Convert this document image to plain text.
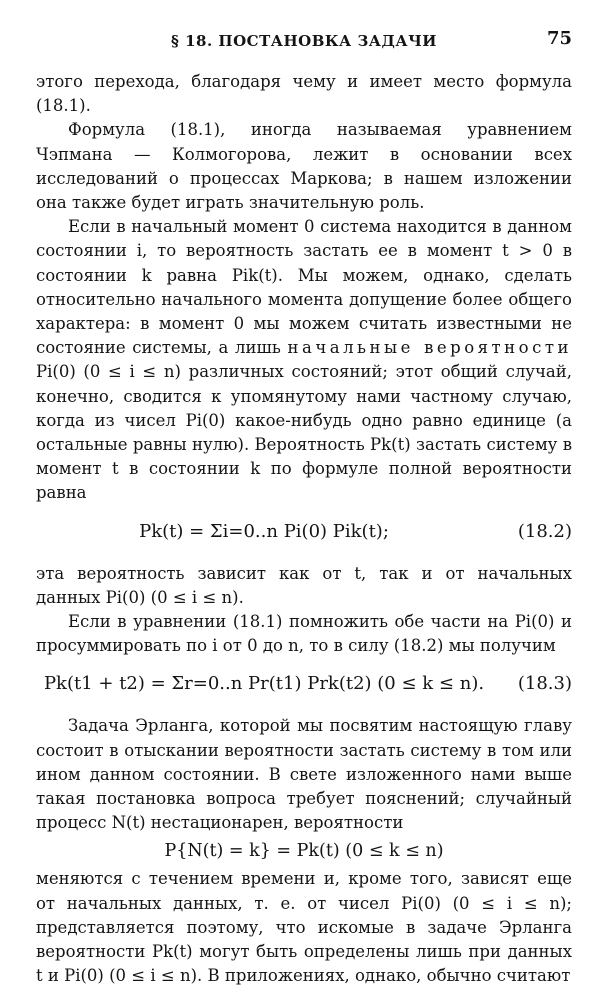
§ 18. ПОСТАНОВКА ЗАДАЧИ	75

этого перехода, благодаря чему и имеет место формула (18.1).

Формула (18.1), иногда называемая уравнением Чэпмана — Колмогорова, лежит в основании всех исследований о процессах Маркова; в нашем изложении она также будет играть значительную роль.

Если в начальный момент 0 система находится в данном состоянии i, то вероятность застать ее в момент t > 0 в состоянии k равна Pik(t). Мы можем, однако, сделать относительно начального момента допущение более общего характера: в момент 0 мы можем считать известными не состояние системы, а лишь начальные вероятности Pi(0) (0 ≤ i ≤ n) различных состояний; этот общий случай, конечно, сводится к упомянутому нами частному случаю, когда из чисел Pi(0) какое-нибудь одно равно единице (а остальные равны нулю). Вероятность Pk(t) застать систему в момент t в состоянии k по формуле полной вероятности равна

Pk(t) = Σi=0..n Pi(0) Pik(t);	(18.2)

эта вероятность зависит как от t, так и от начальных данных Pi(0) (0 ≤ i ≤ n).

Если в уравнении (18.1) помножить обе части на Pi(0) и просуммировать по i от 0 до n, то в силу (18.2) мы получим

Pk(t1 + t2) = Σr=0..n Pr(t1) Prk(t2) (0 ≤ k ≤ n).	(18.3)

Задача Эрланга, которой мы посвятим настоящую главу состоит в отыскании вероятности застать систему в том или ином данном состоянии. В свете изложенного нами выше такая постановка вопроса требует пояснений; случайный процесс N(t) нестационарен, вероятности

P{N(t) = k} = Pk(t) (0 ≤ k ≤ n)

меняются с течением времени и, кроме того, зависят еще от начальных данных, т. е. от чисел Pi(0) (0 ≤ i ≤ n); представляется поэтому, что искомые в задаче Эрланга вероятности Pk(t) могут быть определены лишь при данных t и Pi(0) (0 ≤ i ≤ n). В приложениях, однако, обычно считают
